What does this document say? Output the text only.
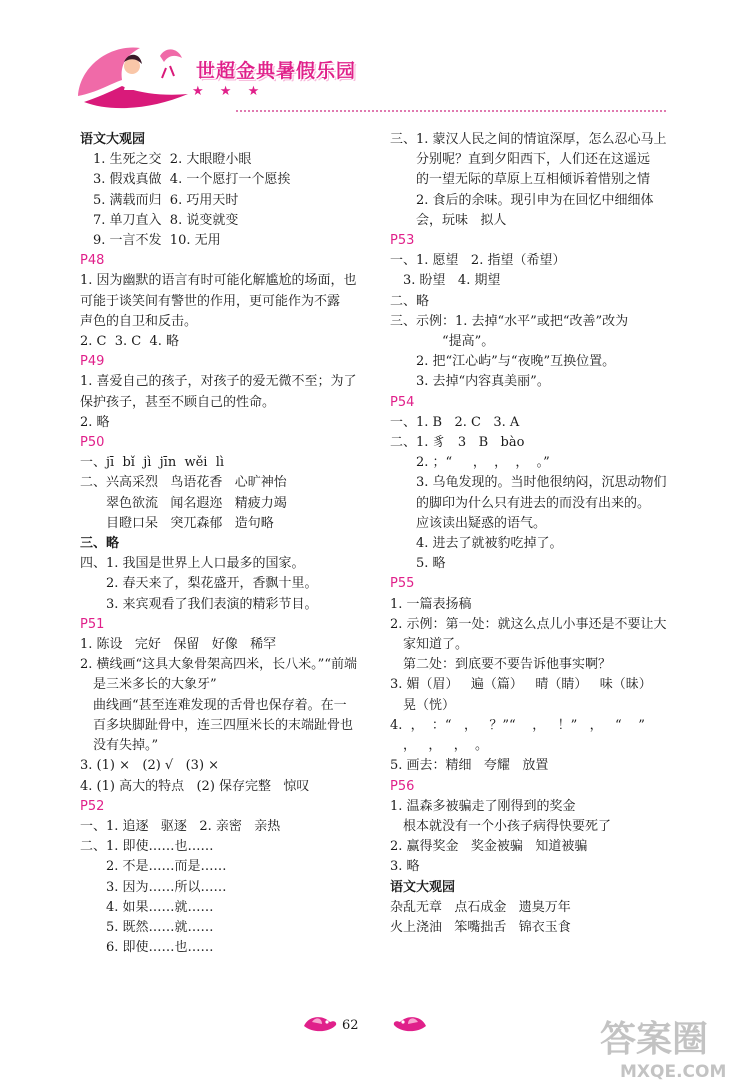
世超金典暑假乐园
★ ★ ★
语文大观园
1. 生死之交  2. 大眼瞪小眼
3. 假戏真做  4. 一个愿打一个愿挨
5. 满载而归  6. 巧用天时
7. 单刀直入  8. 说变就变
9. 一言不发  10. 无用
P48
1. 因为幽默的语言有时可能化解尴尬的场面，也
可能于谈笑间有警世的作用，更可能作为不露
声色的自卫和反击。
2. C  3. C  4. 略
P49
1. 喜爱自己的孩子，对孩子的爱无微不至；为了
保护孩子，甚至不顾自己的性命。
2. 略
P50
一、jī  bǐ  jì  jīn  wěi  lì
二、兴高采烈   鸟语花香   心旷神怡
翠色欲流   闻名遐迩   精疲力竭
目瞪口呆   突兀森郁   造句略
三、略
四、1. 我国是世界上人口最多的国家。
2. 春天来了，梨花盛开，香飘十里。
3. 来宾观看了我们表演的精彩节目。
P51
1. 陈设   完好   保留   好像   稀罕
2. 横线画“这具大象骨架高四米，长八米。”“前端
是三米多长的大象牙”
曲线画“甚至连难发现的舌骨也保存着。在一
百多块脚趾骨中，连三四厘米长的末端趾骨也
没有失掉。”
3. (1) ×   (2) √   (3) ×
4. (1) 高大的特点   (2) 保存完整   惊叹
P52
一、1. 追逐   驱逐   2. 亲密   亲热
二、1. 即使……也……
2. 不是……而是……
3. 因为……所以……
4. 如果……就……
5. 既然……就……
6. 即使……也……
三、1. 蒙汉人民之间的情谊深厚，怎么忍心马上
分别呢？直到夕阳西下，人们还在这遥远
的一望无际的草原上互相倾诉着惜别之情
2. 食后的余味。现引申为在回忆中细细体
会，玩味   拟人
P53
一、1. 愿望   2. 指望（希望）
3. 盼望   4. 期望
二、略
三、示例：1. 去掉“水平”或把“改善”改为
“提高”。
2. 把“江心屿”与“夜晚”互换位置。
3. 去掉“内容真美丽”。
P54
一、1. B   2. C   3. A
二、1. 豸   3   B   bào
2. ；“     ，  ，  ，  。”
3. 乌龟发现的。当时他很纳闷，沉思动物们
的脚印为什么只有进去的而没有出来的。
应该读出疑惑的语气。
4. 进去了就被豹吃掉了。
5. 略
P55
1. 一篇表扬稿
2. 示例：第一处：就这么点儿小事还是不要让大
家知道了。
第二处：到底要不要告诉他事实啊？
3. 媚（眉）   遍（篇）   晴（睛）   味（昧）
晃（恍）
4.  ，  ：“   ，   ？”“    ，   ！”   ，   “    ”
，   ，   ，  。
5. 画去：精细   夸耀   放置
P56
1. 温森多被骗走了刚得到的奖金
根本就没有一个小孩子病得快要死了
2. 赢得奖金   奖金被骗   知道被骗
3. 略
语文大观园
杂乱无章   点石成金   遗臭万年
火上浇油   笨嘴拙舌   锦衣玉食
62	答案圈
MXQE.COM
